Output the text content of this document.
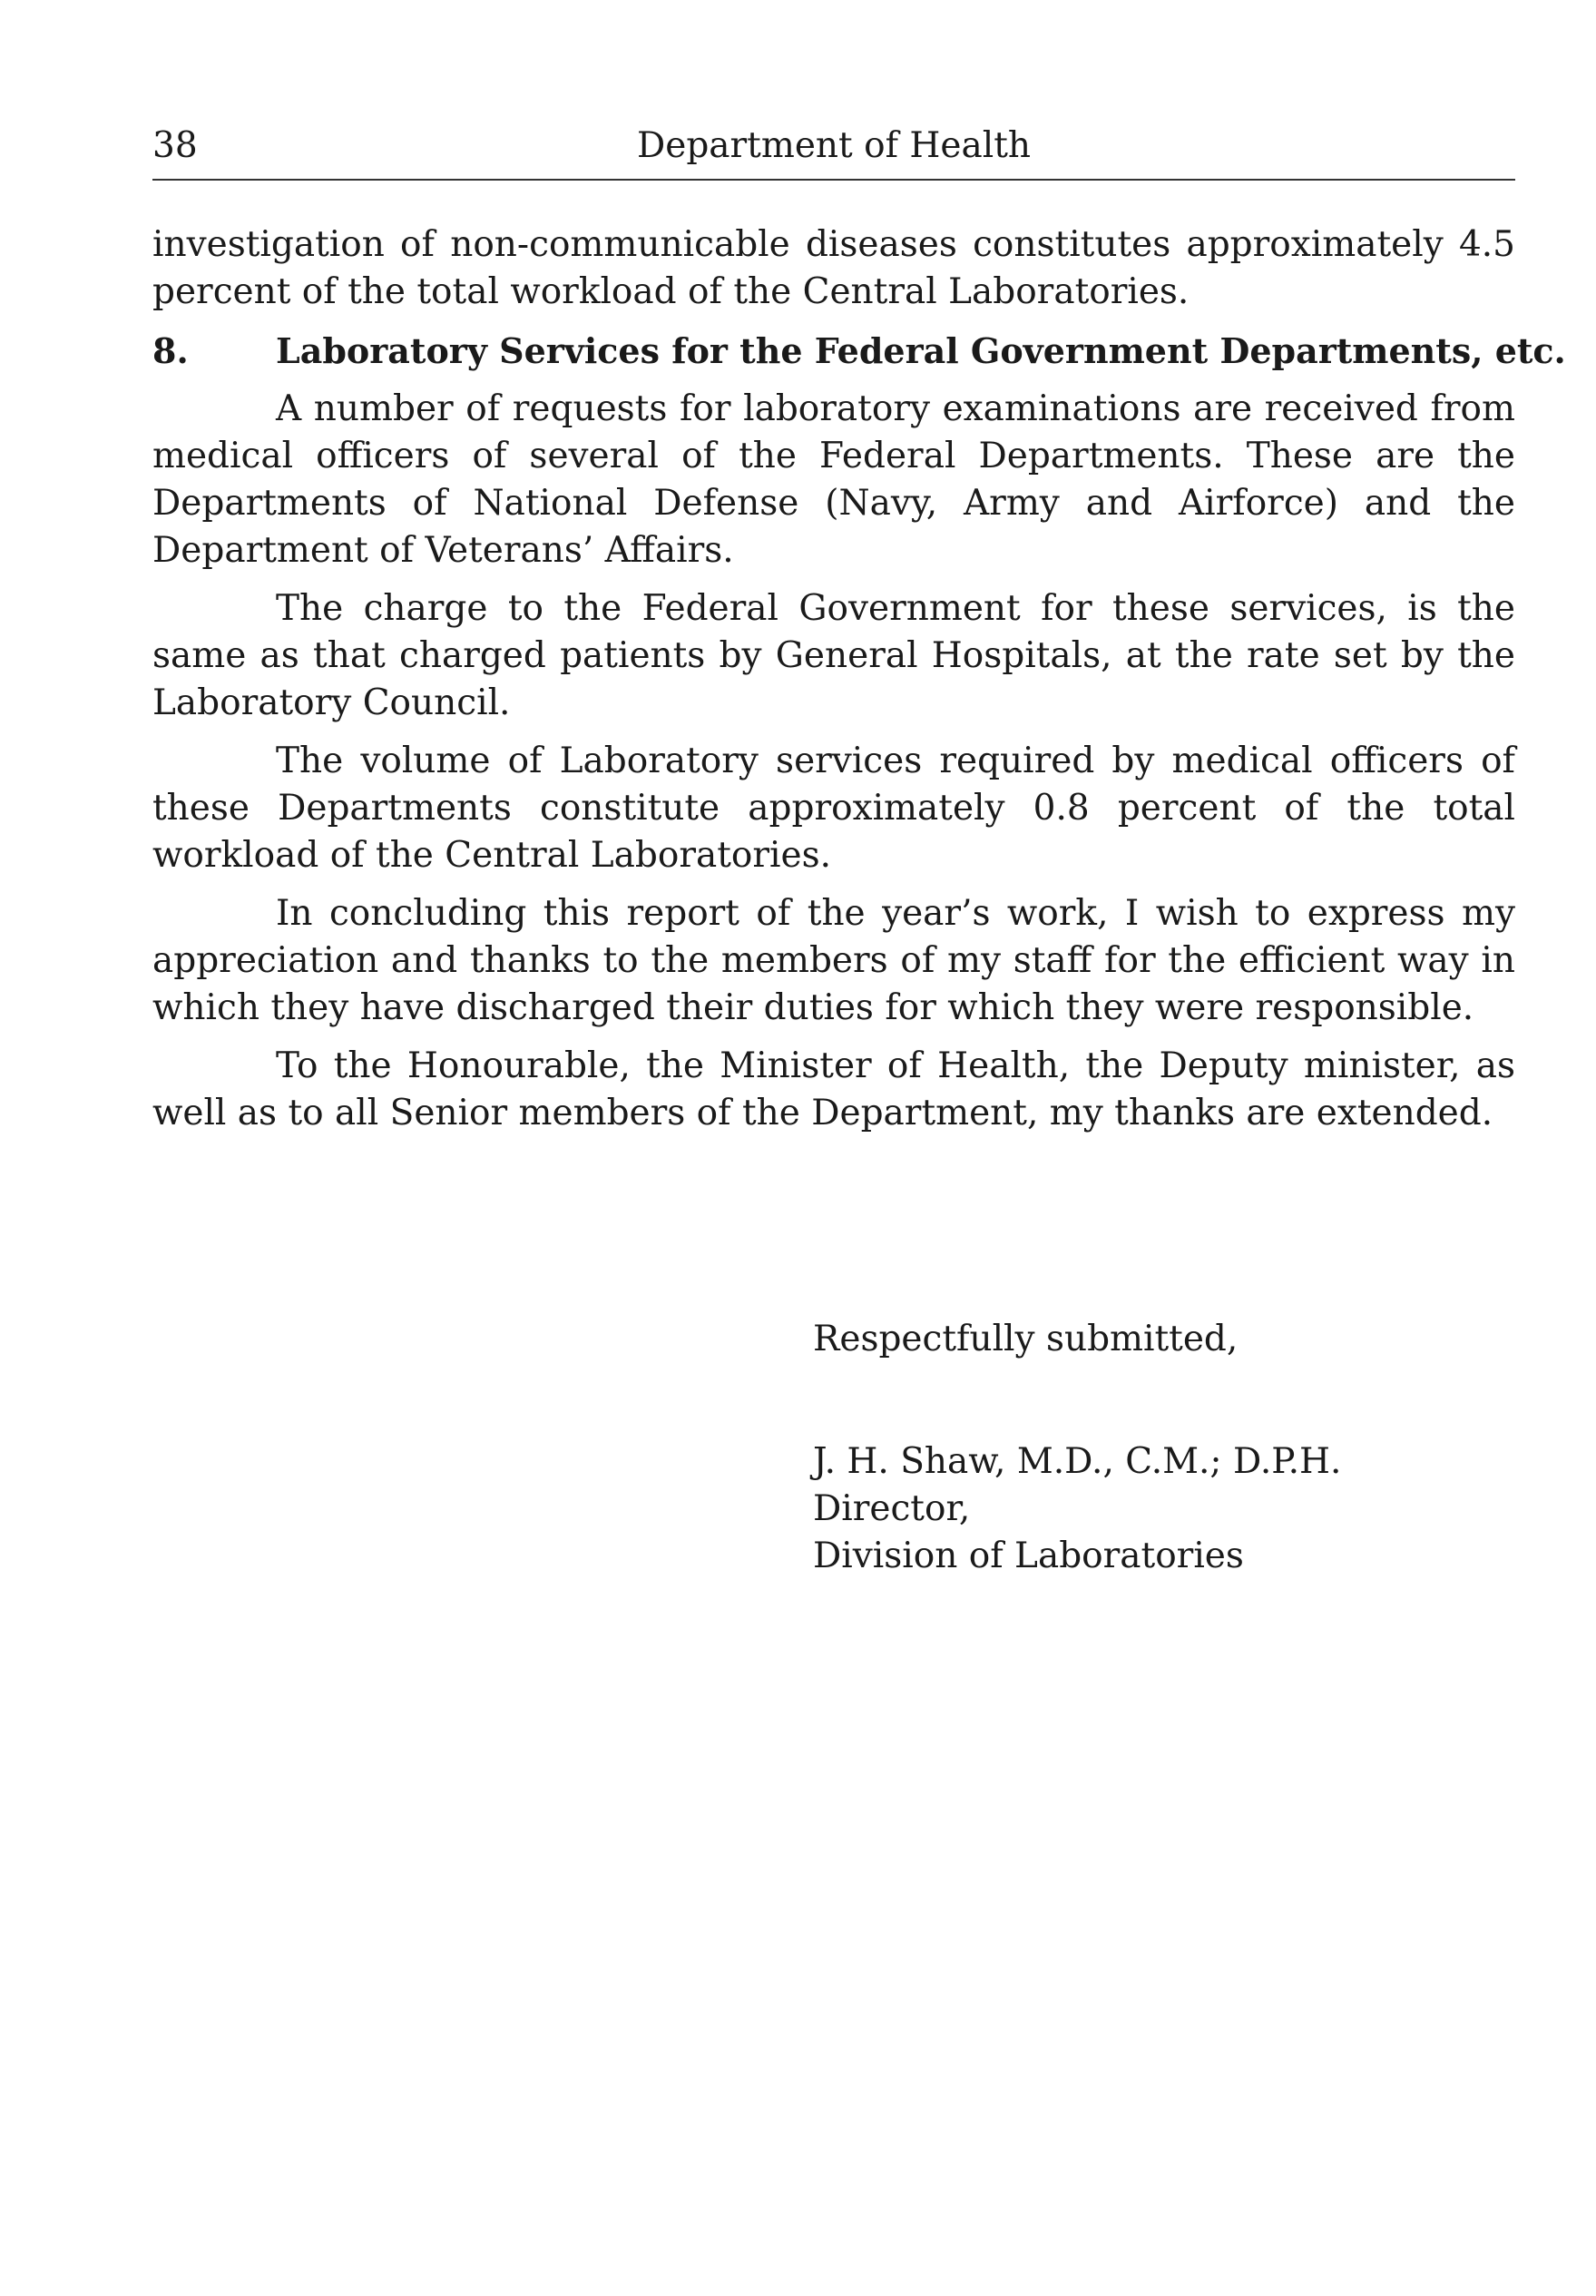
38	Department of Health

investigation of non-communicable diseases constitutes approximately 4.5 percent of the total workload of the Central Laboratories.

8.	Laboratory Services for the Federal Government Departments, etc.

A number of requests for laboratory examinations are received from medical officers of several of the Federal Departments. These are the Departments of National Defense (Navy, Army and Airforce) and the Department of Veterans’ Affairs.

The charge to the Federal Government for these services, is the same as that charged patients by General Hospitals, at the rate set by the Laboratory Council.

The volume of Laboratory services required by medical officers of these Departments constitute approximately 0.8 percent of the total workload of the Central Laboratories.

In concluding this report of the year’s work, I wish to express my appreciation and thanks to the members of my staff for the efficient way in which they have discharged their duties for which they were responsible.

To the Honourable, the Minister of Health, the Deputy minister, as well as to all Senior members of the Department, my thanks are extended.

Respectfully submitted,
J. H. Shaw, M.D., C.M.; D.P.H.
Director,
Division of Laboratories
